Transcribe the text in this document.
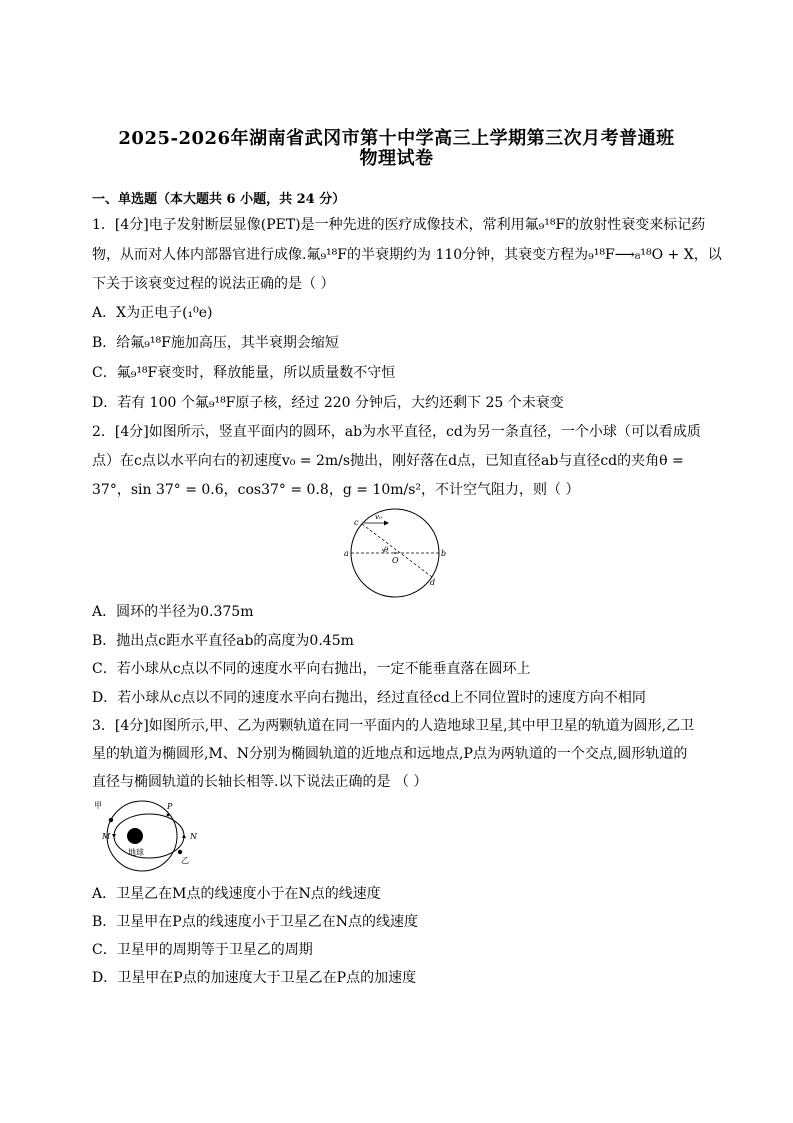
2025-2026年湖南省武冈市第十中学高三上学期第三次月考普通班
物理试卷
一、单选题（本大题共 6 小题，共 24 分）
1．[4分]电子发射断层显像(PET)是一种先进的医疗成像技术，常利用氟₉¹⁸F的放射性衰变来标记药
物，从而对人体内部器官进行成像.氟₉¹⁸F的半衰期约为 110分钟，其衰变方程为₉¹⁸F⟶₈¹⁸O + X，以
下关于该衰变过程的说法正确的是（ ）
A．X为正电子(₁⁰e)
B．给氟₉¹⁸F施加高压，其半衰期会缩短
C．氟₉¹⁸F衰变时，释放能量，所以质量数不守恒
D．若有 100 个氟₉¹⁸F原子核，经过 220 分钟后，大约还剩下 25 个未衰变
2．[4分]如图所示，竖直平面内的圆环，ab为水平直径，cd为另一条直径，一个小球（可以看成质
点）在c点以水平向右的初速度v₀ = 2m/s抛出，刚好落在d点，已知直径ab与直径cd的夹角θ =
37°，sin 37° = 0.6，cos37° = 0.8，g = 10m/s²，不计空气阻力，则（ ）
c
v₀
a	b
θ
O
d
A．圆环的半径为0.375m
B．抛出点c距水平直径ab的高度为0.45m
C．若小球从c点以不同的速度水平向右抛出，一定不能垂直落在圆环上
D．若小球从c点以不同的速度水平向右抛出，经过直径cd上不同位置时的速度方向不相同
3．[4分]如图所示,甲、乙为两颗轨道在同一平面内的人造地球卫星,其中甲卫星的轨道为圆形,乙卫
星的轨道为椭圆形,M、N分别为椭圆轨道的近地点和远地点,P点为两轨道的一个交点,圆形轨道的
直径与椭圆轨道的长轴长相等.以下说法正确的是 （ ）
甲	P
M	N
地球
乙
A．卫星乙在M点的线速度小于在N点的线速度
B．卫星甲在P点的线速度小于卫星乙在N点的线速度
C．卫星甲的周期等于卫星乙的周期
D．卫星甲在P点的加速度大于卫星乙在P点的加速度
